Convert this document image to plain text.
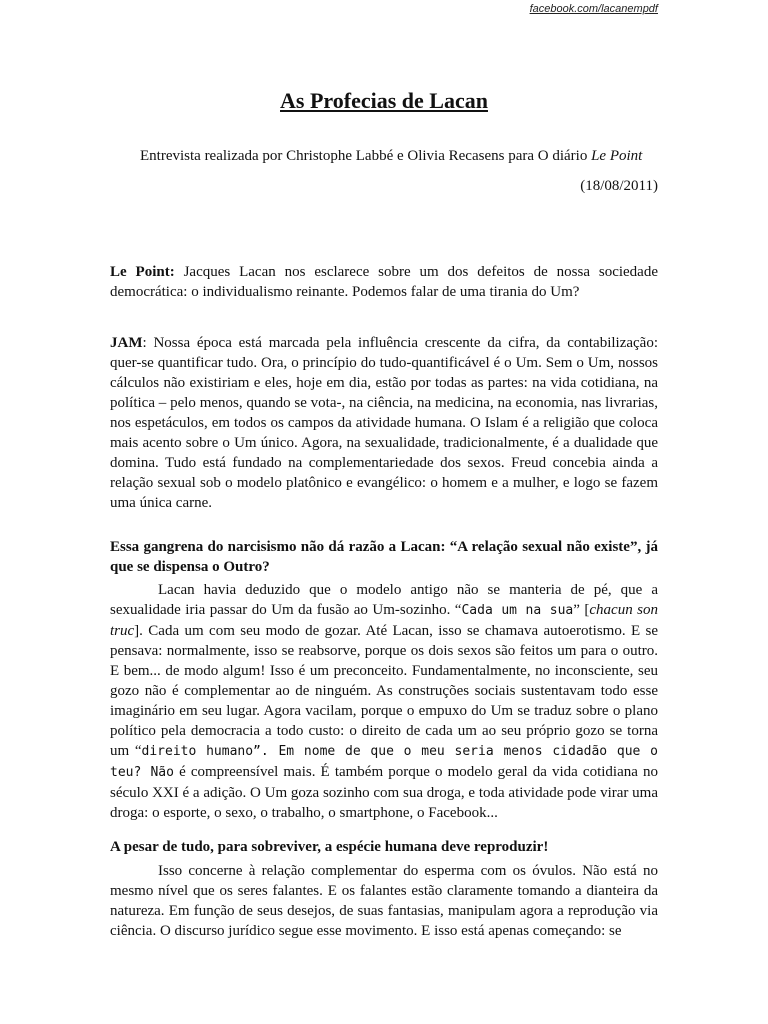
facebook.com/lacanempdf
As Profecias de Lacan
Entrevista realizada por Christophe Labbé e Olivia Recasens para O diário Le Point
(18/08/2011)
Le Point: Jacques Lacan nos esclarece sobre um dos defeitos de nossa sociedade democrática: o individualismo reinante. Podemos falar de uma tirania do Um?
JAM: Nossa época está marcada pela influência crescente da cifra, da contabilização: quer-se quantificar tudo. Ora, o princípio do tudo-quantificável é o Um. Sem o Um, nossos cálculos não existiriam e eles, hoje em dia, estão por todas as partes: na vida cotidiana, na política – pelo menos, quando se vota-, na ciência, na medicina, na economia, nas livrarias, nos espetáculos, em todos os campos da atividade humana. O Islam é a religião que coloca mais acento sobre o Um único. Agora, na sexualidade, tradicionalmente, é a dualidade que domina. Tudo está fundado na complementariedade dos sexos. Freud concebia ainda a relação sexual sob o modelo platônico e evangélico: o homem e a mulher, e logo se fazem uma única carne.
Essa gangrena do narcisismo não dá razão a Lacan: “A relação sexual não existe”, já que se dispensa o Outro?
Lacan havia deduzido que o modelo antigo não se manteria de pé, que a sexualidade iria passar do Um da fusão ao Um-sozinho. “Cada um na sua” [chacun son truc]. Cada um com seu modo de gozar. Até Lacan, isso se chamava autoerotismo. E se pensava: normalmente, isso se reabsorve, porque os dois sexos são feitos um para o outro. E bem... de modo algum! Isso é um preconceito. Fundamentalmente, no inconsciente, seu gozo não é complementar ao de ninguém. As construções sociais sustentavam todo esse imaginário em seu lugar. Agora vacilam, porque o empuxo do Um se traduz sobre o plano político pela democracia a todo custo: o direito de cada um ao seu próprio gozo se torna um “direito humano”. Em nome de que o meu seria menos cidadão que o teu? Não é compreensível mais. É também porque o modelo geral da vida cotidiana no século XXI é a adição. O Um goza sozinho com sua droga, e toda atividade pode virar uma droga: o esporte, o sexo, o trabalho, o smartphone, o Facebook...
A pesar de tudo, para sobreviver, a espécie humana deve reproduzir!
Isso concerne à relação complementar do esperma com os óvulos. Não está no mesmo nível que os seres falantes. E os falantes estão claramente tomando a dianteira da natureza. Em função de seus desejos, de suas fantasias, manipulam agora a reprodução via ciência. O discurso jurídico segue esse movimento. E isso está apenas começando: se
